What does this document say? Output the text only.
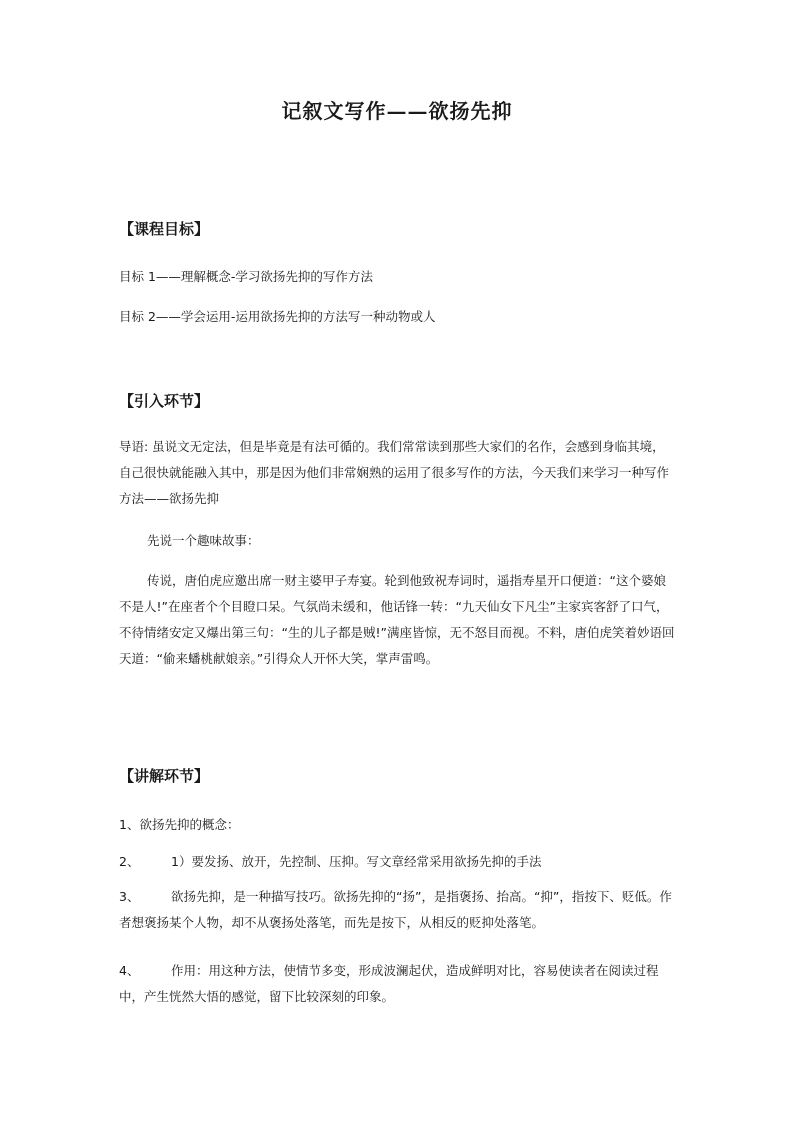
记叙文写作——欲扬先抑
【课程目标】
目标 1——理解概念-学习欲扬先抑的写作方法
目标 2——学会运用-运用欲扬先抑的方法写一种动物或人
【引入环节】
导语: 虽说文无定法，但是毕竟是有法可循的。我们常常读到那些大家们的名作，会感到身临其境，自己很快就能融入其中，那是因为他们非常娴熟的运用了很多写作的方法，今天我们来学习一种写作方法——欲扬先抑
先说一个趣味故事：
传说，唐伯虎应邀出席一财主婆甲子寿宴。轮到他致祝寿词时，遥指寿星开口便道：“这个婆娘不是人!”在座者个个目瞪口呆。气氛尚未缓和，他话锋一转：“九天仙女下凡尘”主家宾客舒了口气，不待情绪安定又爆出第三句：“生的儿子都是贼!”满座皆惊，无不怒目而视。不料，唐伯虎笑着妙语回天道：“偷来蟠桃献娘亲。”引得众人开怀大笑，掌声雷鸣。
【讲解环节】
1、欲扬先抑的概念：
2、	1）要发扬、放开，先控制、压抑。写文章经常采用欲扬先抑的手法
3、	欲扬先抑，是一种描写技巧。欲扬先抑的“扬”，是指褒扬、抬高。“抑”，指按下、贬低。作者想褒扬某个人物，却不从褒扬处落笔，而先是按下，从相反的贬抑处落笔。
4、	作用：用这种方法，使情节多变，形成波澜起伏，造成鲜明对比，容易使读者在阅读过程中，产生恍然大悟的感觉，留下比较深刻的印象。
